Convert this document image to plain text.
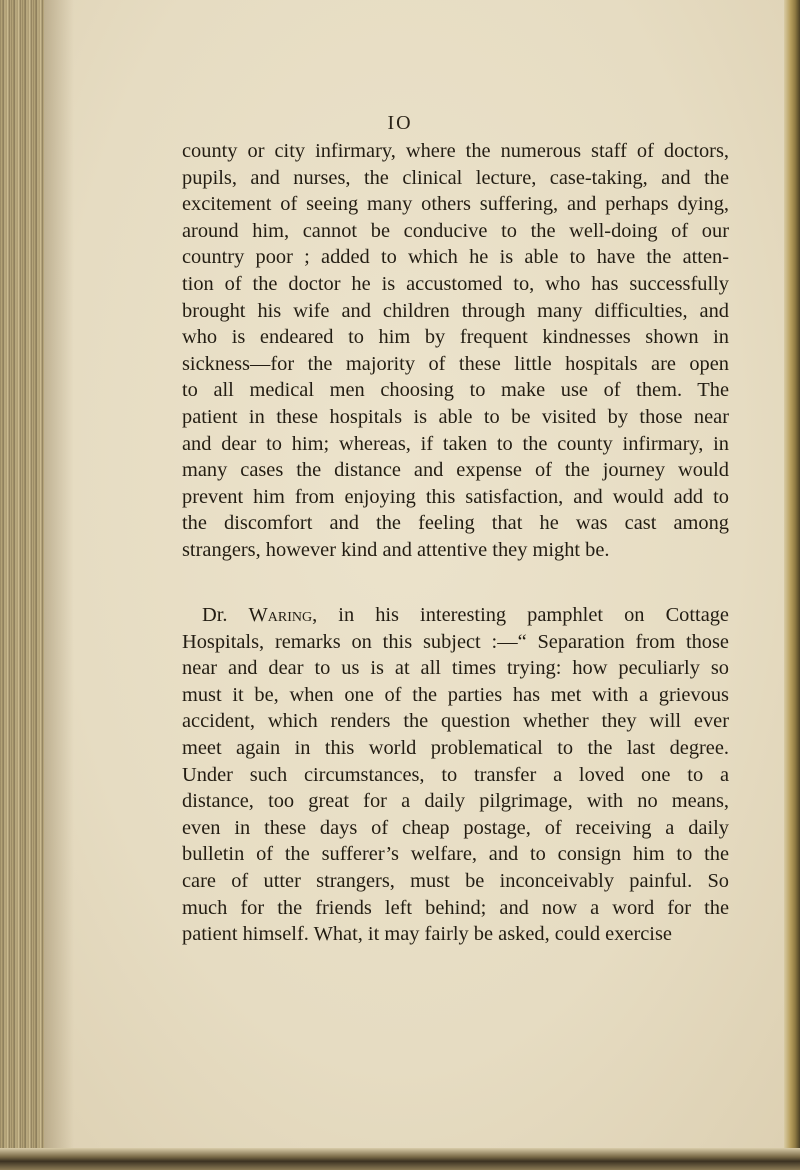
IO
county or city infirmary, where the numerous staff of doctors,
pupils, and nurses, the clinical lecture, case-taking, and the
excitement of seeing many others suffering, and perhaps dying,
around him, cannot be conducive to the well-doing of our
country poor ; added to which he is able to have the atten-
tion of the doctor he is accustomed to, who has successfully
brought his wife and children through many difficulties, and
who is endeared to him by frequent kindnesses shown in
sickness—for the majority of these little hospitals are open
to all medical men choosing to make use of them. The
patient in these hospitals is able to be visited by those near
and dear to him; whereas, if taken to the county infirmary, in
many cases the distance and expense of the journey would
prevent him from enjoying this satisfaction, and would add to
the discomfort and the feeling that he was cast among
strangers, however kind and attentive they might be.
Dr. Waring, in his interesting pamphlet on Cottage
Hospitals, remarks on this subject :—“ Separation from those
near and dear to us is at all times trying: how peculiarly so
must it be, when one of the parties has met with a grievous
accident, which renders the question whether they will ever
meet again in this world problematical to the last degree.
Under such circumstances, to transfer a loved one to a
distance, too great for a daily pilgrimage, with no means,
even in these days of cheap postage, of receiving a daily
bulletin of the sufferer’s welfare, and to consign him to the
care of utter strangers, must be inconceivably painful. So
much for the friends left behind; and now a word for the
patient himself. What, it may fairly be asked, could exercise
